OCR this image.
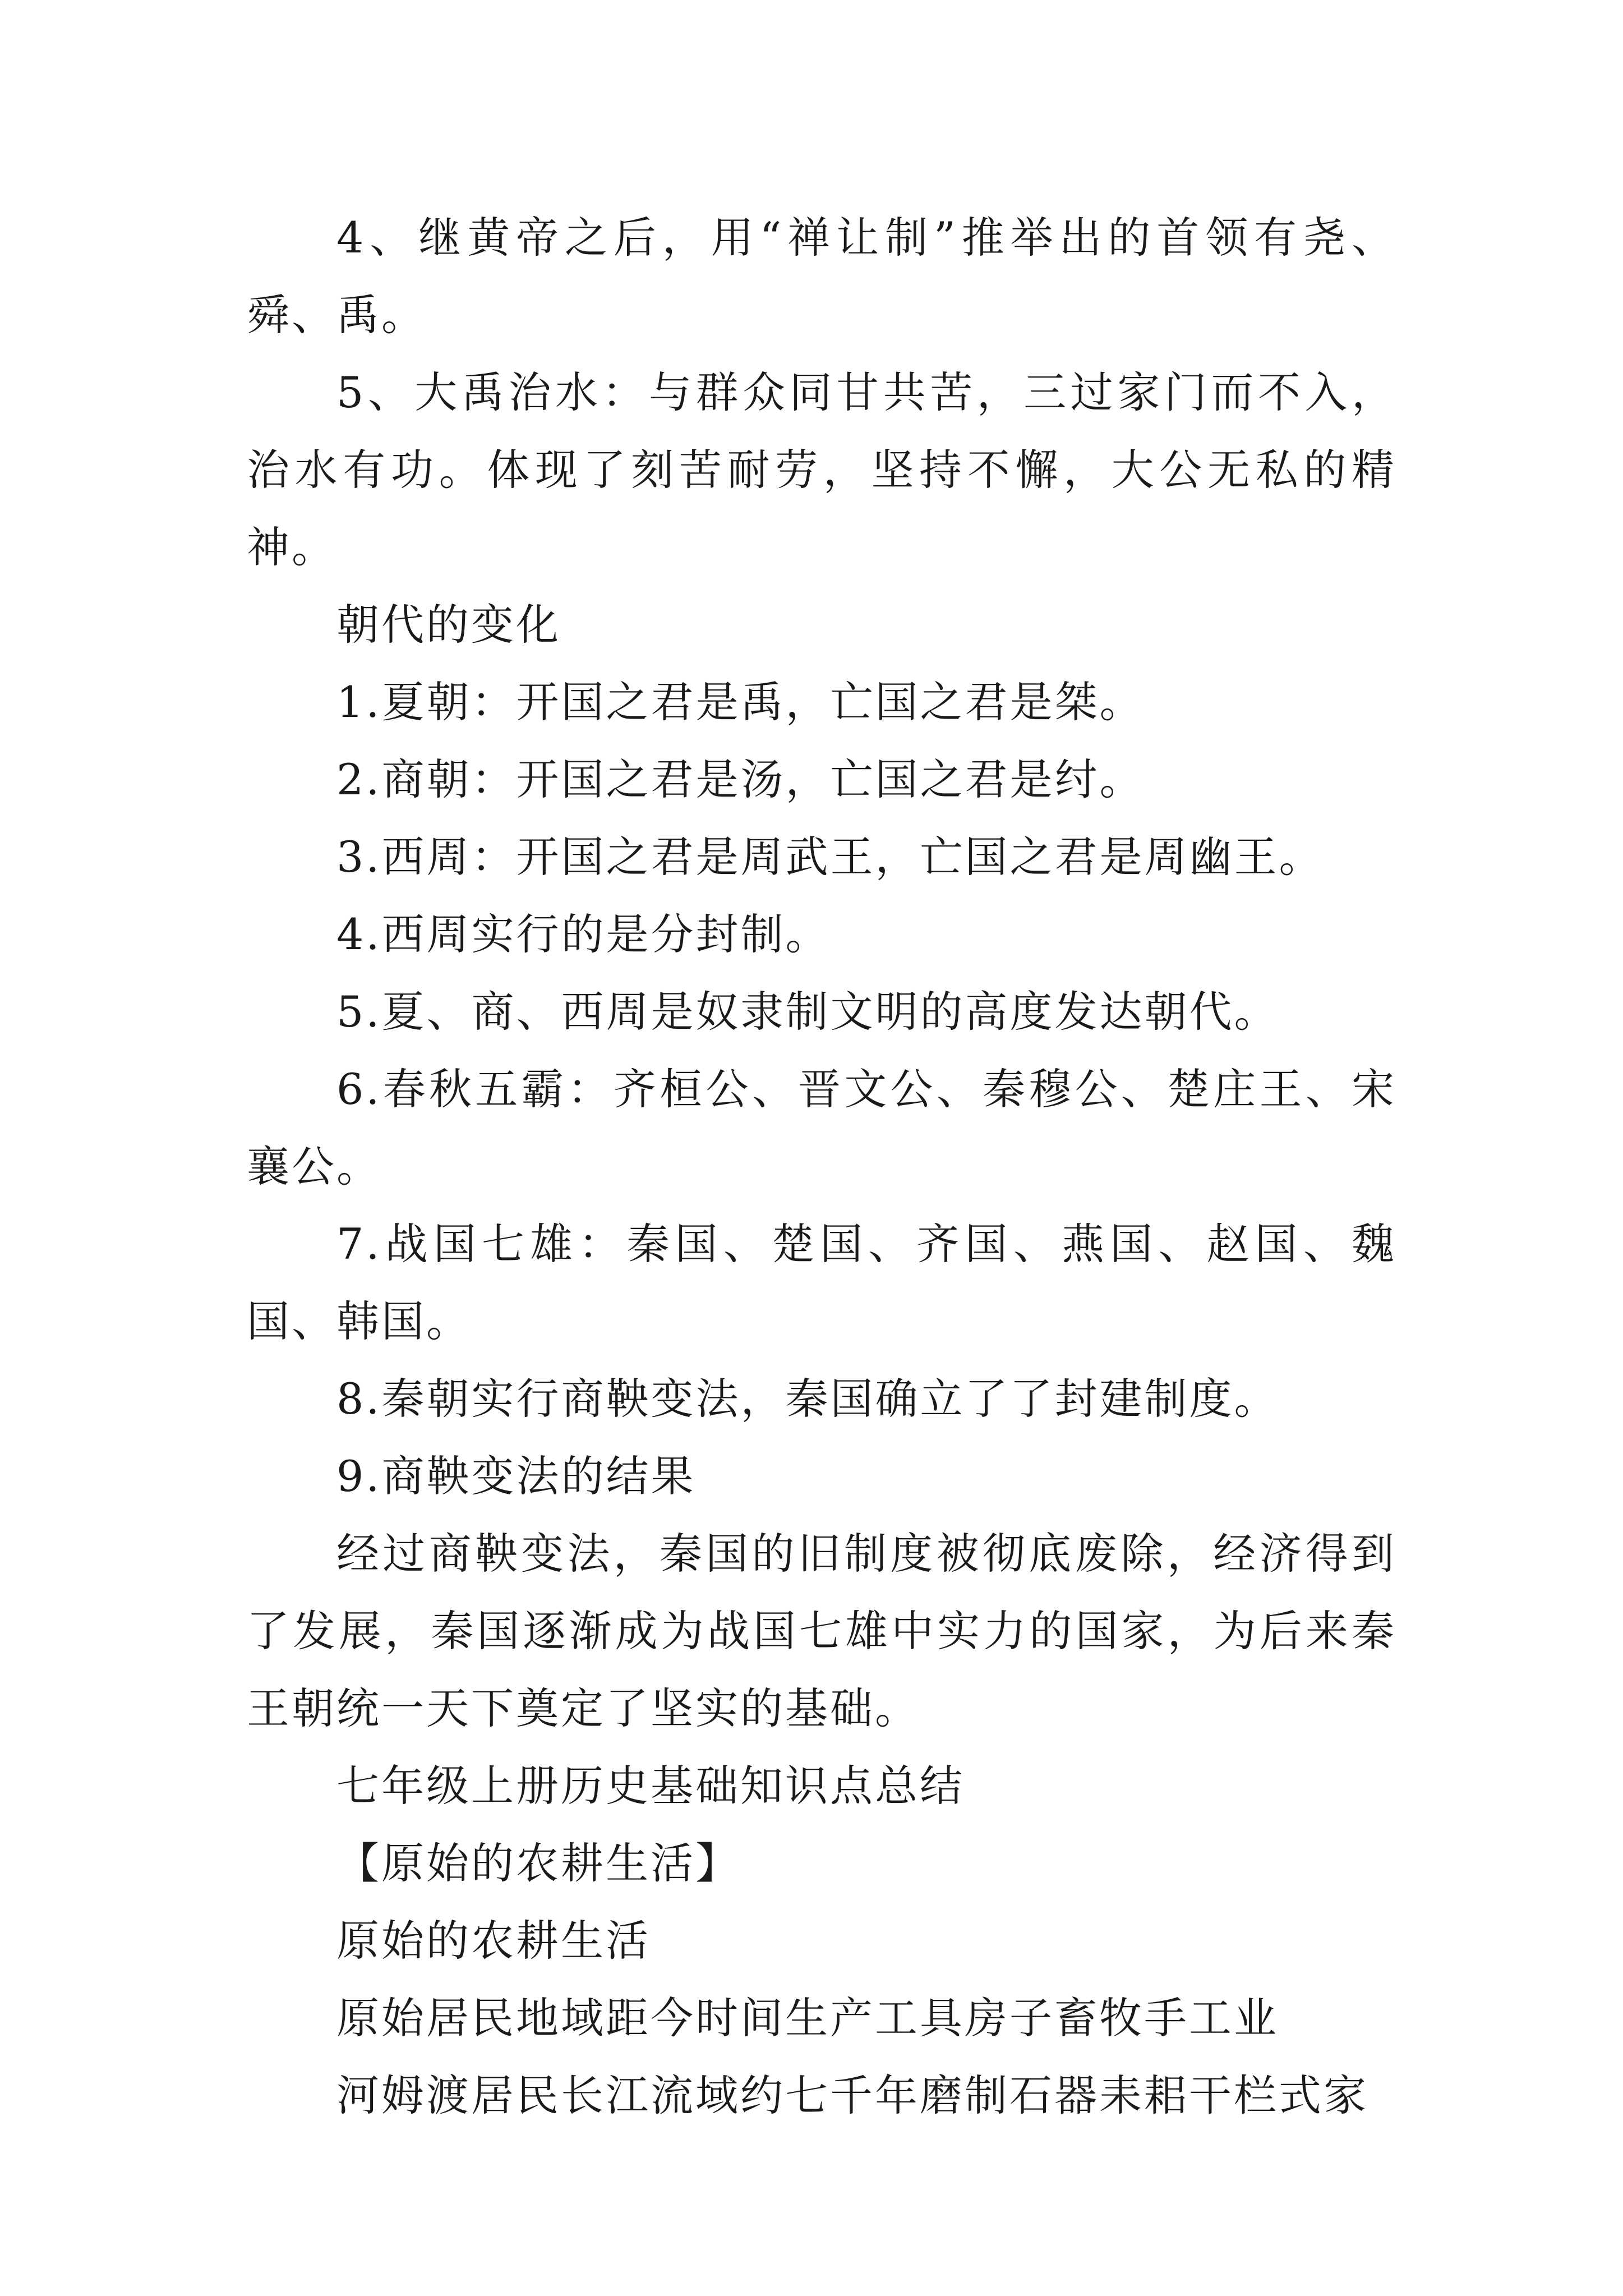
4、继黄帝之后，用“禅让制”推举出的首领有尧、舜、禹。

5、大禹治水：与群众同甘共苦，三过家门而不入，治水有功。体现了刻苦耐劳，坚持不懈，大公无私的精神。

朝代的变化

1.夏朝：开国之君是禹，亡国之君是桀。

2.商朝：开国之君是汤，亡国之君是纣。

3.西周：开国之君是周武王，亡国之君是周幽王。

4.西周实行的是分封制。

5.夏、商、西周是奴隶制文明的高度发达朝代。

6.春秋五霸：齐桓公、晋文公、秦穆公、楚庄王、宋襄公。

7.战国七雄：秦国、楚国、齐国、燕国、赵国、魏国、韩国。

8.秦朝实行商鞅变法，秦国确立了了封建制度。

9.商鞅变法的结果

经过商鞅变法，秦国的旧制度被彻底废除，经济得到了发展，秦国逐渐成为战国七雄中实力的国家，为后来秦王朝统一天下奠定了坚实的基础。

七年级上册历史基础知识点总结

【原始的农耕生活】

原始的农耕生活

原始居民地域距今时间生产工具房子畜牧手工业

河姆渡居民长江流域约七千年磨制石器耒耜干栏式家
